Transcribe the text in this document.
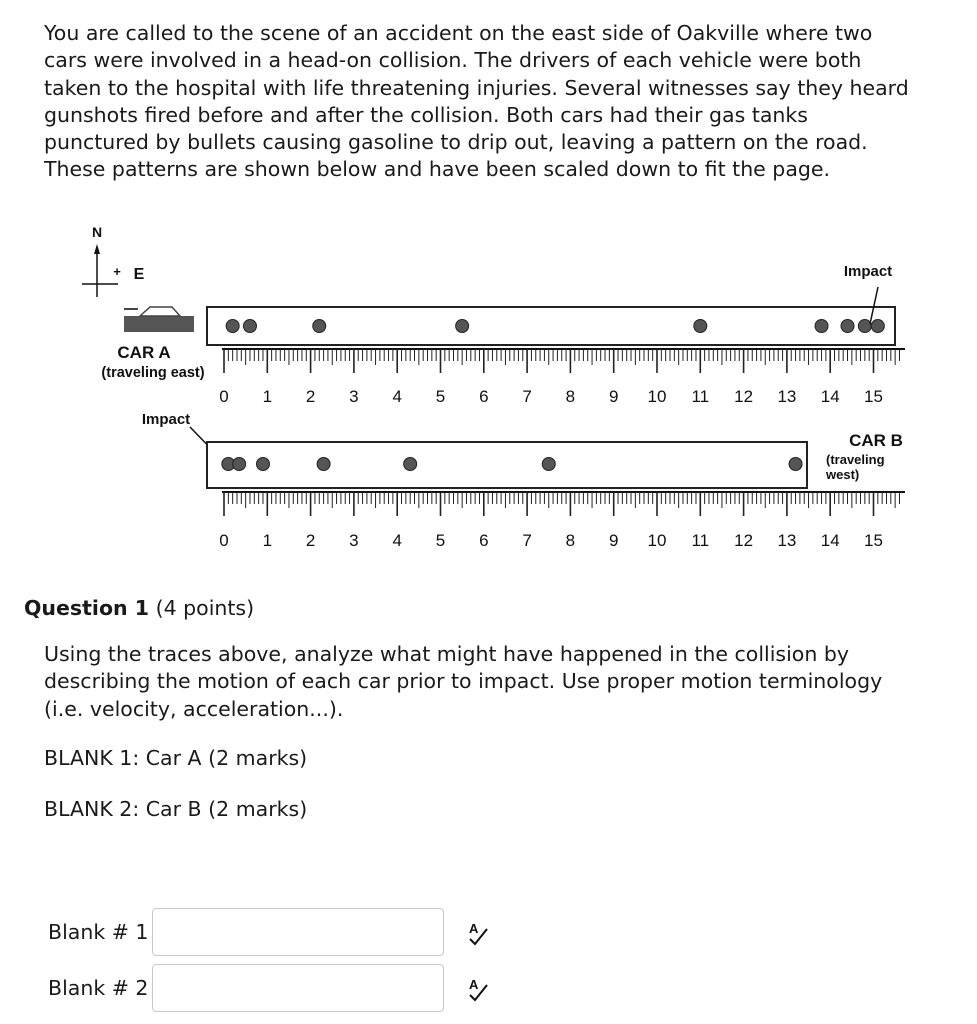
You are called to the scene of an accident on the east side of Oakville where two
cars were involved in a head-on collision. The drivers of each vehicle were both
taken to the hospital with life threatening injuries. Several witnesses say they heard
gunshots fired before and after the collision. Both cars had their gas tanks
punctured by bullets causing gasoline to drip out, leaving a pattern on the road.
These patterns are shown below and have been scaled down to fit the page.

N
+ E
CAR A
(traveling east)
0 1 2 3 4 5 6 7 8 9 10 11 12 13 14 15
Impact
Impact
0 1 2 3 4 5 6 7 8 9 10 11 12 13 14 15
CAR B
(traveling
west)
Question 1 (4 points)

Using the traces above, analyze what might have happened in the collision by
describing the motion of each car prior to impact. Use proper motion terminology
(i.e. velocity, acceleration...).

BLANK 1: Car A (2 marks)

BLANK 2: Car B (2 marks)

Blank # 1	A
Blank # 2	A
